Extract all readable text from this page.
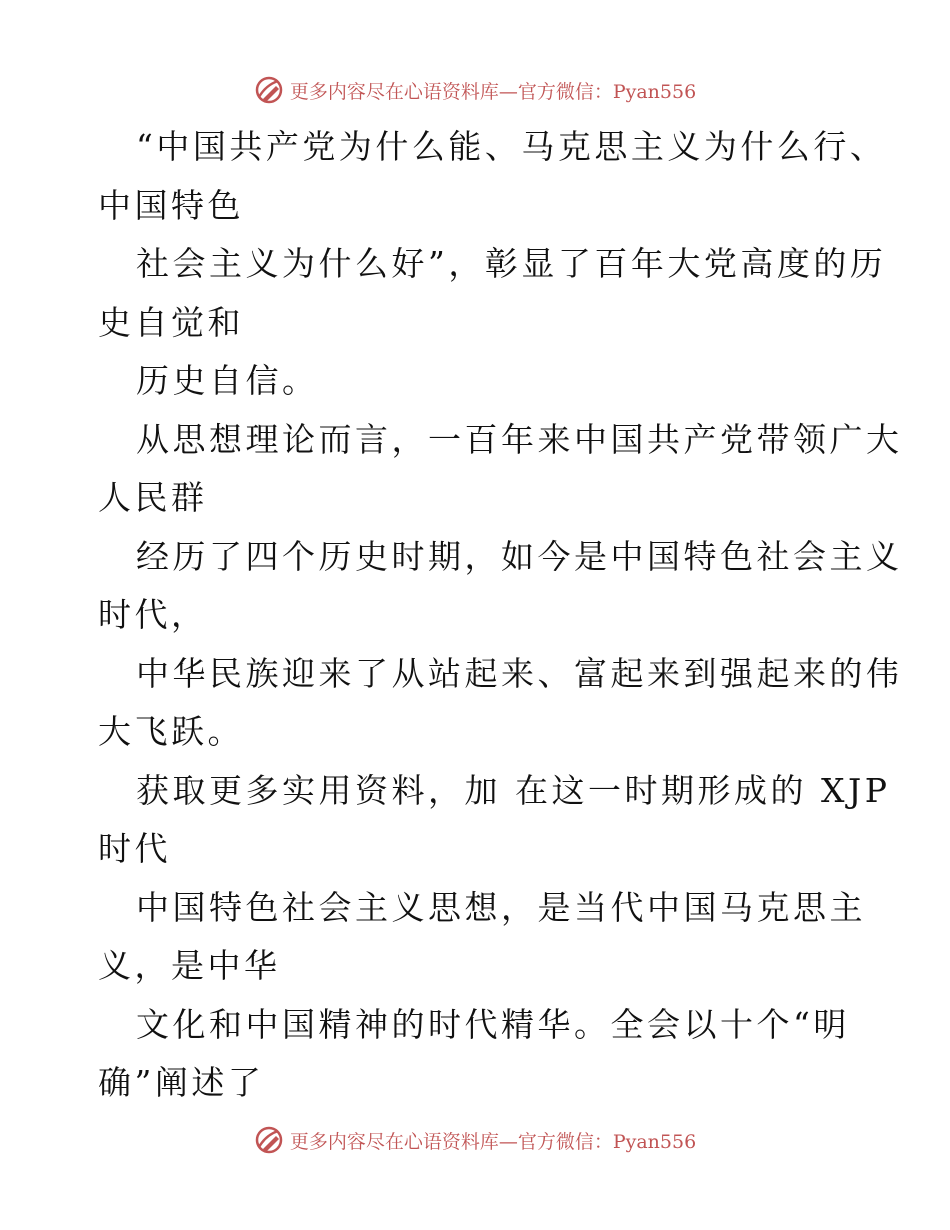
更多内容尽在心语资料库—官方微信：Pyan556
“中国共产党为什么能、马克思主义为什么行、
中国特色
社会主义为什么好”，彰显了百年大党高度的历
史自觉和
历史自信。
从思想理论而言，一百年来中国共产党带领广大
人民群
经历了四个历史时期，如今是中国特色社会主义
时代，
中华民族迎来了从站起来、富起来到强起来的伟
大飞跃。
获取更多实用资料，加 在这一时期形成的 XJP
时代
中国特色社会主义思想，是当代中国马克思主
义，是中华
文化和中国精神的时代精华。全会以十个“明
确”阐述了
更多内容尽在心语资料库—官方微信：Pyan556
